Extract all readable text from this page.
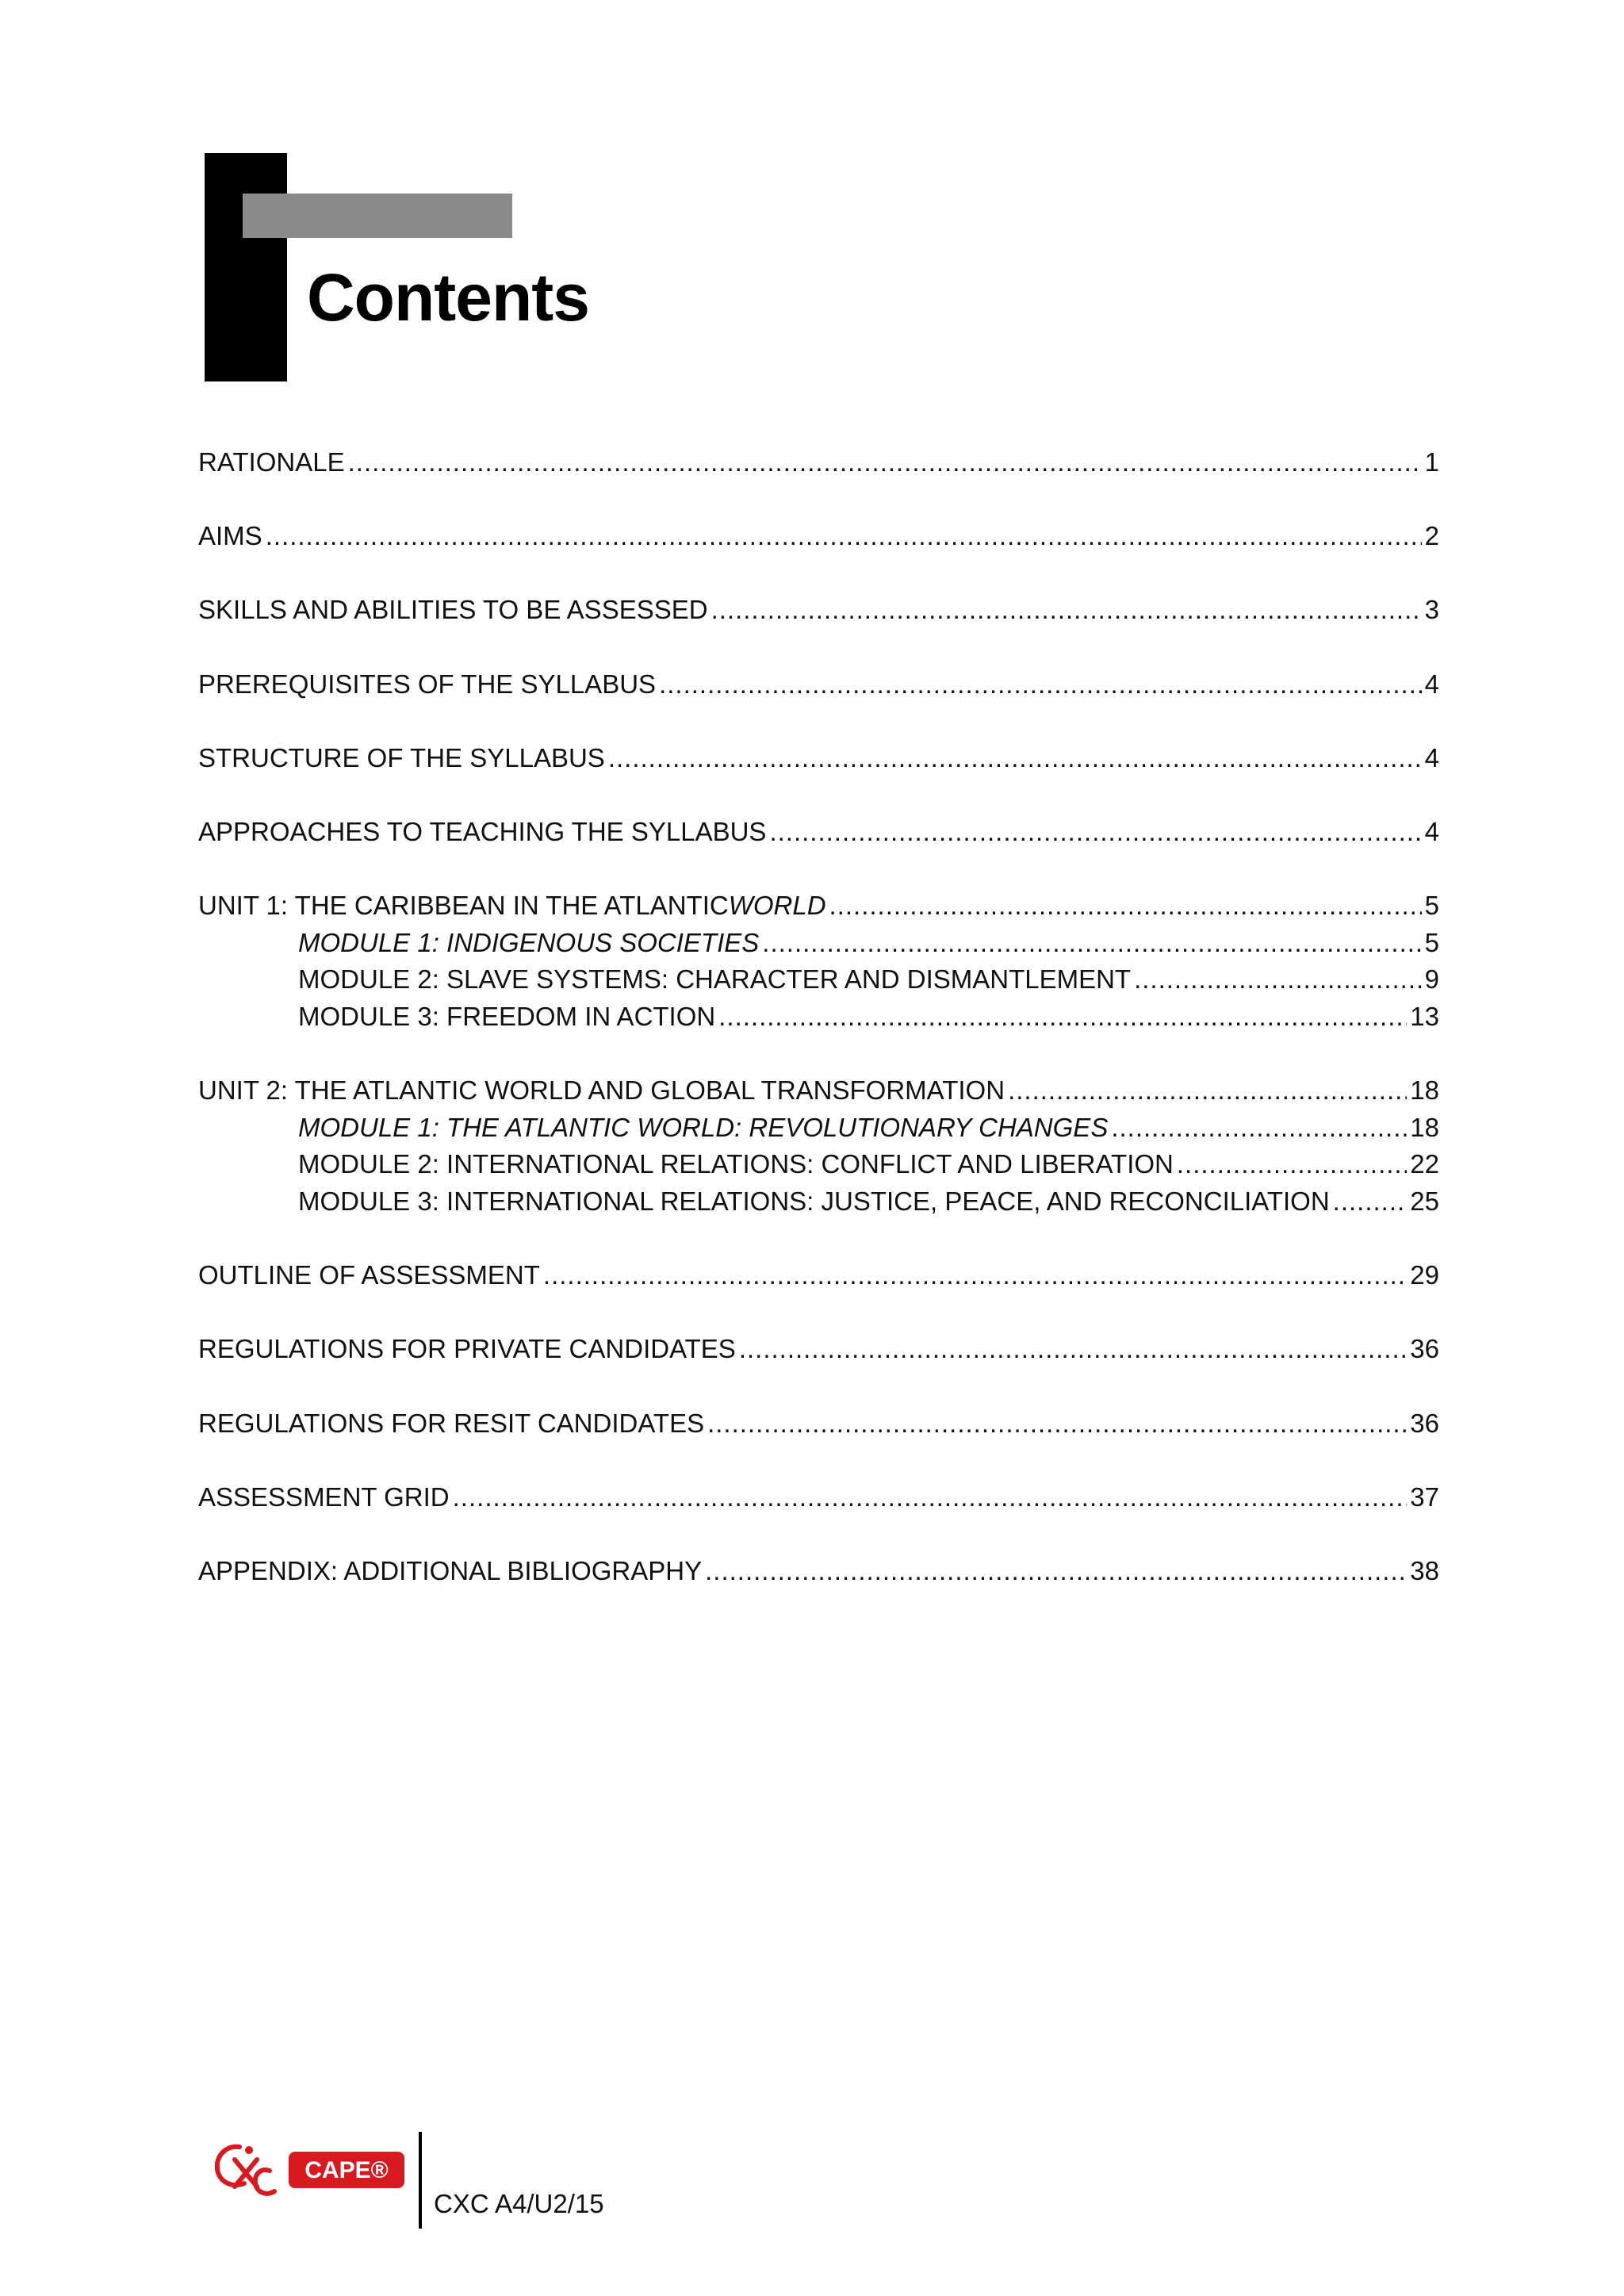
Contents
RATIONALE .....	1
AIMS .....	2
SKILLS AND ABILITIES TO BE ASSESSED .....	3
PREREQUISITES OF THE SYLLABUS .....	4
STRUCTURE OF THE SYLLABUS .....	4
APPROACHES TO TEACHING THE SYLLABUS .....	4
UNIT 1: THE CARIBBEAN IN THE ATLANTIC WORLD .....	5
MODULE 1: INDIGENOUS SOCIETIES .....	5
MODULE 2: SLAVE SYSTEMS: CHARACTER AND DISMANTLEMENT .....	9
MODULE 3: FREEDOM IN ACTION .....	13
UNIT 2: THE ATLANTIC WORLD AND GLOBAL TRANSFORMATION .....	18
MODULE 1: THE ATLANTIC WORLD: REVOLUTIONARY CHANGES .....	18
MODULE 2: INTERNATIONAL RELATIONS: CONFLICT AND LIBERATION .....	22
MODULE 3: INTERNATIONAL RELATIONS: JUSTICE, PEACE, AND RECONCILIATION .....	25
OUTLINE OF ASSESSMENT .....	29
REGULATIONS FOR PRIVATE CANDIDATES .....	36
REGULATIONS FOR RESIT CANDIDATES .....	36
ASSESSMENT GRID .....	37
APPENDIX: ADDITIONAL BIBLIOGRAPHY .....	38
CXC
CAPE®
CXC A4/U2/15
